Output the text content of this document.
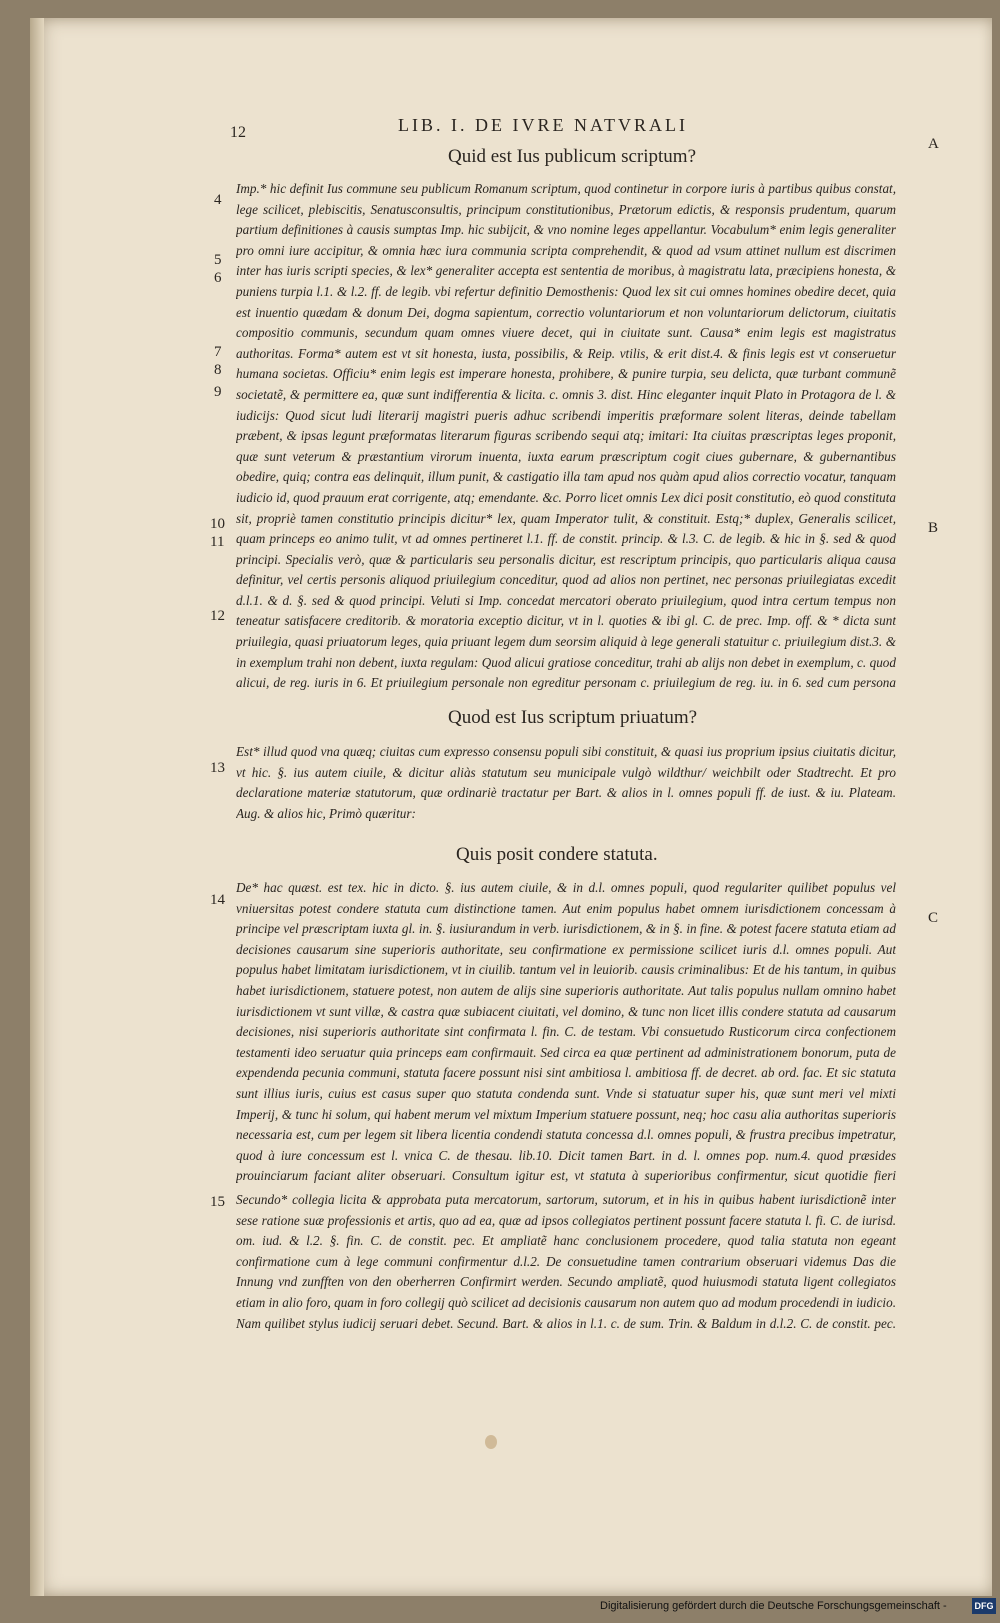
12	LIB. I. DE IVRE NATVRALI
A
B
C
Quid est Ius publicum scriptum?
Imp.* hic definit Ius commune seu publicum Romanum scriptum, quod continetur in corpore iuris à partibus quibus constat, lege scilicet, plebiscitis, Senatusconsultis, principum constitutionibus, Prætorum edictis, & responsis prudentum, quarum partium definitiones à causis sumptas Imp. hic subijcit, & vno nomine leges appellantur. Vocabulum* enim legis generaliter pro omni iure accipitur, & omnia hæc iura communia scripta comprehendit, & quod ad vsum attinet nullum est discrimen inter has iuris scripti species, & lex* generaliter accepta est sententia de moribus, à magistratu lata, præcipiens honesta, & puniens turpia l.1. & l.2. ff. de legib. vbi refertur definitio Demosthenis: Quod lex sit cui omnes homines obedire decet, quia est inuentio quædam & donum Dei, dogma sapientum, correctio voluntariorum et non voluntariorum delictorum, ciuitatis compositio communis, secundum quam omnes viuere decet, qui in ciuitate sunt. Causa* enim legis est magistratus authoritas. Forma* autem est vt sit honesta, iusta, possibilis, & Reip. vtilis, & erit dist.4. & finis legis est vt conseruetur humana societas. Officiu* enim legis est imperare honesta, prohibere, & punire turpia, seu delicta, quæ turbant communẽ societatẽ, & permittere ea, quæ sunt indifferentia & licita. c. omnis 3. dist. Hinc eleganter inquit Plato in Protagora de l. & iudicijs: Quod sicut ludi literarij magistri pueris adhuc scribendi imperitis præformare solent literas, deinde tabellam præbent, & ipsas legunt præformatas literarum figuras scribendo sequi atq; imitari: Ita ciuitas præscriptas leges proponit, quæ sunt veterum & præstantium virorum inuenta, iuxta earum præscriptum cogit ciues gubernare, & gubernantibus obedire, quiq; contra eas delinquit, illum punit, & castigatio illa tam apud nos quàm apud alios correctio vocatur, tanquam iudicio id, quod prauum erat corrigente, atq; emendante. &c. Porro licet omnis Lex dici posit constitutio, eò quod constituta sit, propriè tamen constitutio principis dicitur* lex, quam Imperator tulit, & constituit. Estq;* duplex, Generalis scilicet, quam princeps eo animo tulit, vt ad omnes pertineret l.1. ff. de constit. princip. & l.3. C. de legib. & hic in §. sed & quod principi. Specialis verò, quæ & particularis seu personalis dicitur, est rescriptum principis, quo particularis aliqua causa definitur, vel certis personis aliquod priuilegium conceditur, quod ad alios non pertinet, nec personas priuilegiatas excedit d.l.1. & d. §. sed & quod principi. Veluti si Imp. concedat mercatori oberato priuilegium, quod intra certum tempus non teneatur satisfacere creditorib. & moratoria exceptio dicitur, vt in l. quoties & ibi gl. C. de prec. Imp. off. & * dicta sunt priuilegia, quasi priuatorum leges, quia priuant legem dum seorsim aliquid à lege generali statuitur c. priuilegium dist.3. & in exemplum trahi non debent, iuxta regulam: Quod alicui gratiose conceditur, trahi ab alijs non debet in exemplum, c. quod alicui, de reg. iuris in 6. Et priuilegium personale non egreditur personam c. priuilegium de reg. iu. in 6. sed cum persona
Quod est Ius scriptum priuatum?
Est* illud quod vna quæq; ciuitas cum expresso consensu populi sibi constituit, & quasi ius proprium ipsius ciuitatis dicitur, vt hic. §. ius autem ciuile, & dicitur aliàs statutum seu municipale vulgò wildthur/ weichbilt oder Stadtrecht. Et pro declaratione materiæ statutorum, quæ ordinariè tractatur per Bart. & alios in l. omnes populi ff. de iust. & iu. Plateam. Aug. & alios hic, Primò quæritur:
Quis posit condere statuta.
De* hac quæst. est tex. hic in dicto. §. ius autem ciuile, & in d.l. omnes populi, quod regulariter quilibet populus vel vniuersitas potest condere statuta cum distinctione tamen. Aut enim populus habet omnem iurisdictionem concessam à principe vel præscriptam iuxta gl. in. §. iusiurandum in verb. iurisdictionem, & in §. in fine. & potest facere statuta etiam ad decisiones causarum sine superioris authoritate, seu confirmatione ex permissione scilicet iuris d.l. omnes populi. Aut populus habet limitatam iurisdictionem, vt in ciuilib. tantum vel in leuiorib. causis criminalibus: Et de his tantum, in quibus habet iurisdictionem, statuere potest, non autem de alijs sine superioris authoritate. Aut talis populus nullam omnino habet iurisdictionem vt sunt villæ, & castra quæ subiacent ciuitati, vel domino, & tunc non licet illis condere statuta ad causarum decisiones, nisi superioris authoritate sint confirmata l. fin. C. de testam. Vbi consuetudo Rusticorum circa confectionem testamenti ideo seruatur quia princeps eam confirmauit. Sed circa ea quæ pertinent ad administrationem bonorum, puta de expendenda pecunia communi, statuta facere possunt nisi sint ambitiosa l. ambitiosa ff. de decret. ab ord. fac. Et sic statuta sunt illius iuris, cuius est casus super quo statuta condenda sunt. Vnde si statuatur super his, quæ sunt meri vel mixti Imperij, & tunc hi solum, qui habent merum vel mixtum Imperium statuere possunt, neq; hoc casu alia authoritas superioris necessaria est, cum per legem sit libera licentia condendi statuta concessa d.l. omnes populi, & frustra precibus impetratur, quod à iure concessum est l. vnica C. de thesau. lib.10. Dicit tamen Bart. in d. l. omnes pop. num.4. quod præsides prouinciarum faciant aliter obseruari. Consultum igitur est, vt statuta à superioribus confirmentur, sicut quotidie fieri
Secundo* collegia licita & approbata puta mercatorum, sartorum, sutorum, et in his in quibus habent iurisdictionẽ inter sese ratione suæ professionis et artis, quo ad ea, quæ ad ipsos collegiatos pertinent possunt facere statuta l. fi. C. de iurisd. om. iud. & l.2. §. fin. C. de constit. pec. Et ampliatẽ hanc conclusionem procedere, quod talia statuta non egeant confirmatione cum à lege communi confirmentur d.l.2. De consuetudine tamen contrarium obseruari videmus Das die Innung vnd zunfften von den oberherren Confirmirt werden. Secundo ampliatẽ, quod huiusmodi statuta ligent collegiatos etiam in alio foro, quam in foro collegij quò scilicet ad decisionis causarum non autem quo ad modum procedendi in iudicio. Nam quilibet stylus iudicij seruari debet. Secund. Bart. & alios in l.1. c. de sum. Trin. & Baldum in d.l.2. C. de constit. pec.
4
5
6
7
8
9
10
11
12
13
14
15
Digitalisierung gefördert durch die Deutsche Forschungsgemeinschaft -	DFG
